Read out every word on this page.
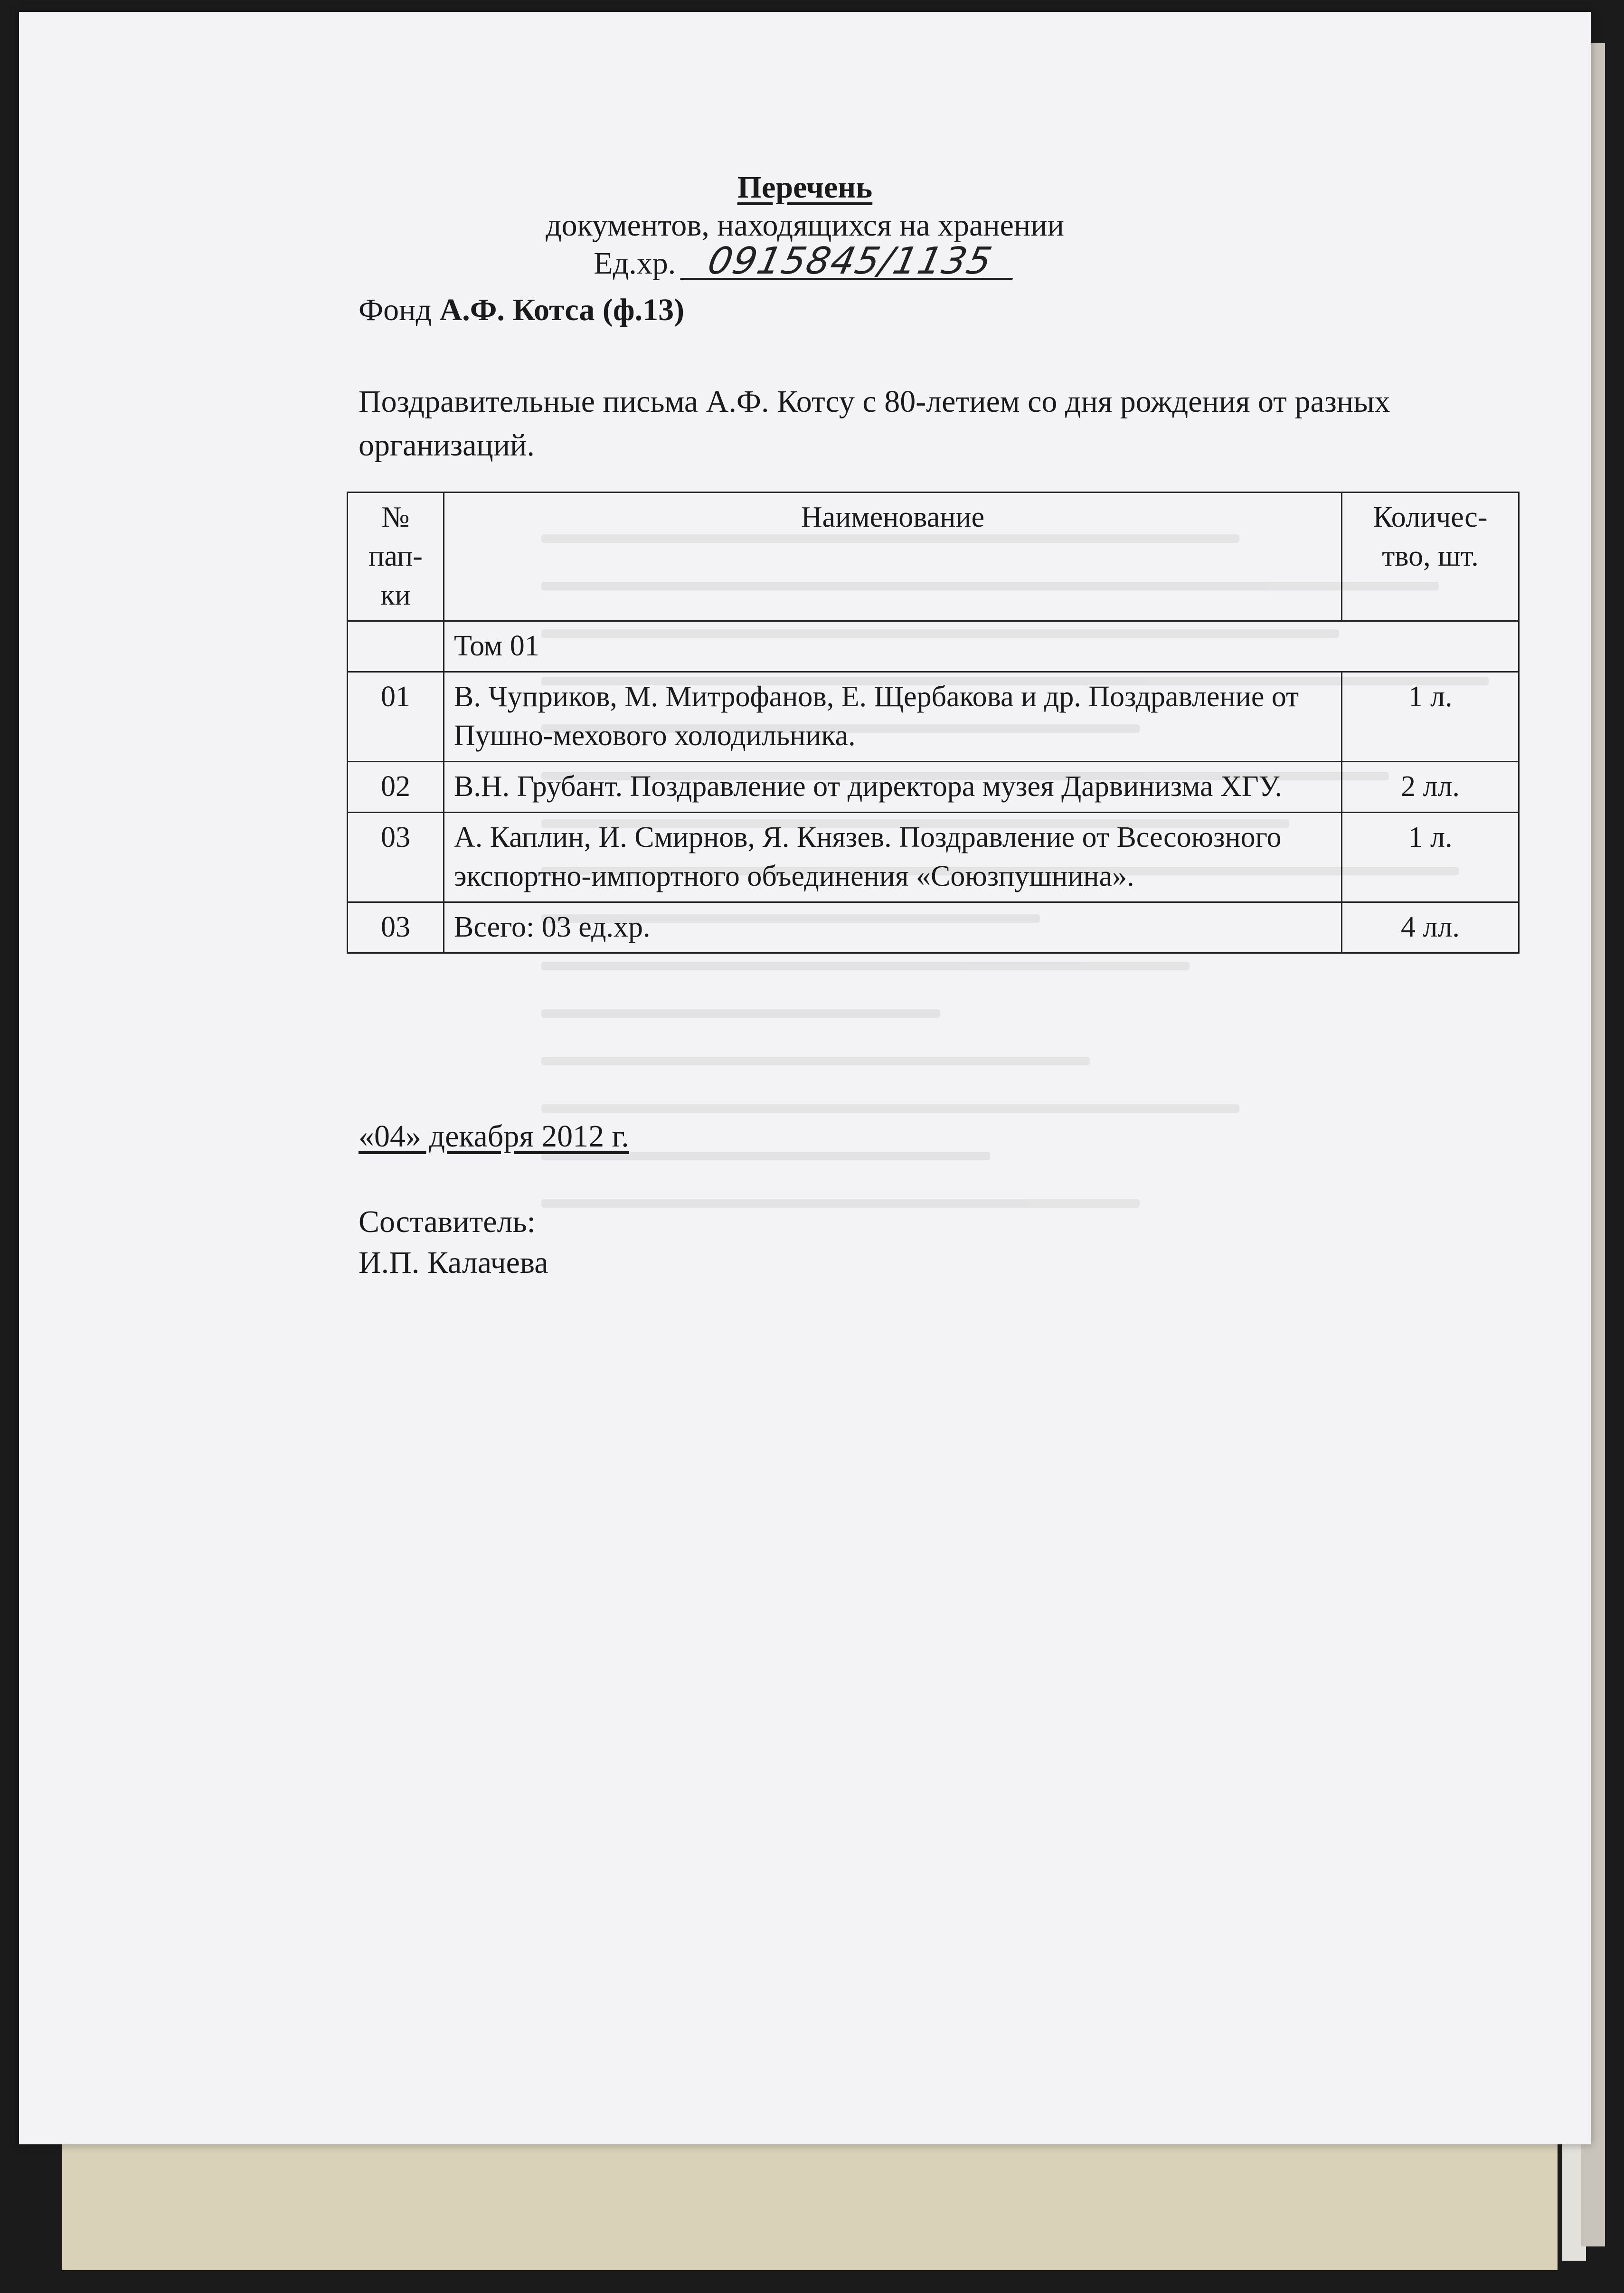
Перечень
документов, находящихся на хранении
Ед.хр. 0915845/1135
Фонд А.Ф. Котса (ф.13)
Поздравительные письма А.Ф. Котсу с 80-летием со дня рождения от разных организаций.
№ пап-ки	Наименование	Количес-тво, шт.
	Том 01	
01	В. Чуприков, М. Митрофанов, Е. Щербакова и др. Поздравление от Пушно-мехового холодильника.	1 л.
02	В.Н. Грубант. Поздравление от директора музея Дарвинизма ХГУ.	2 лл.
03	А. Каплин, И. Смирнов, Я. Князев. Поздравление от Всесоюзного экспортно-импортного объединения «Союзпушнина».	1 л.
03	Всего: 03 ед.хр.	4 лл.
«04» декабря 2012 г.
Составитель:
И.П. Калачева
